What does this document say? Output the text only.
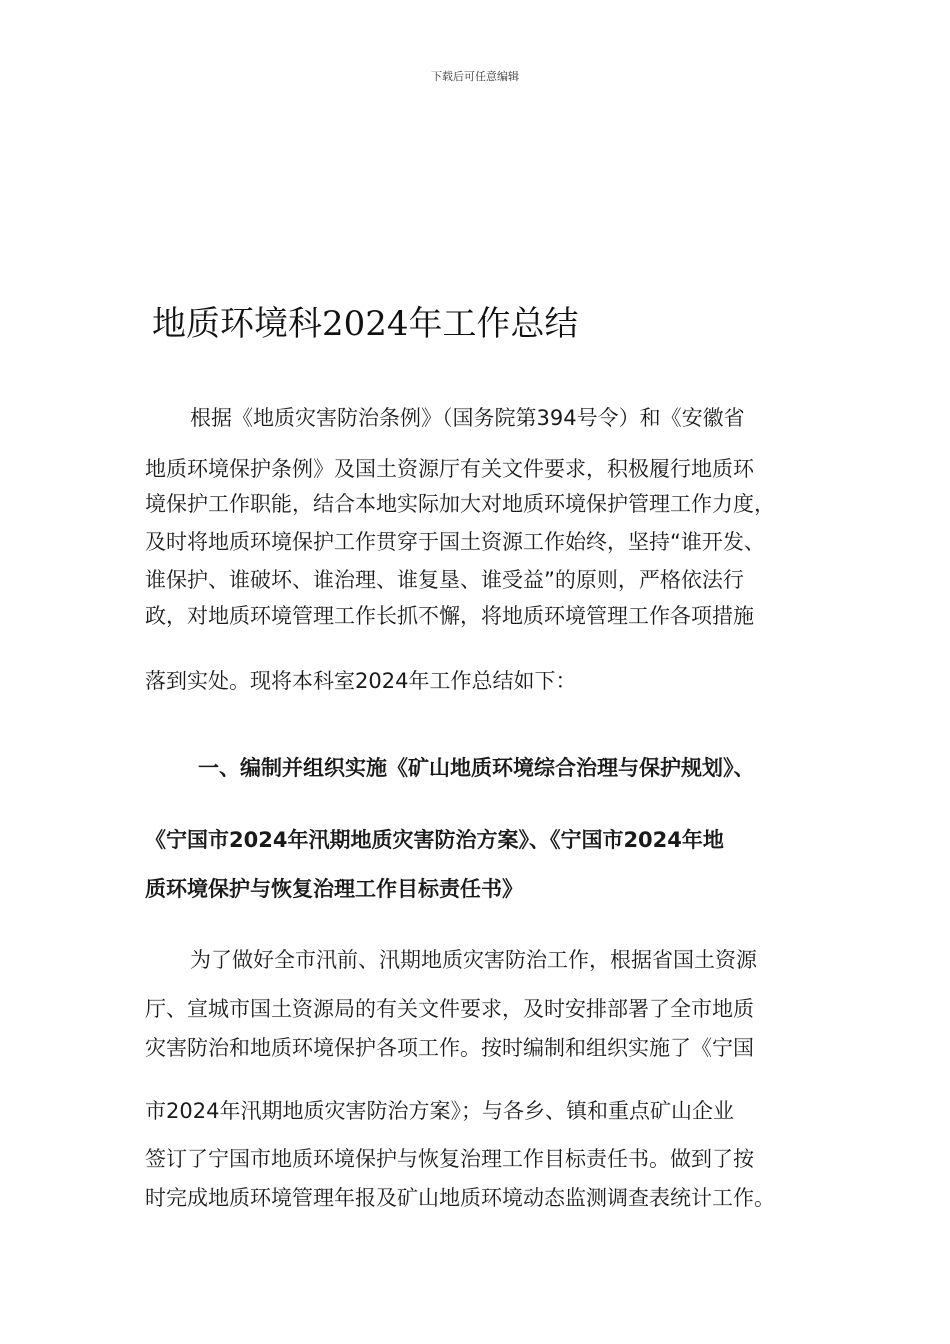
下载后可任意编辑
地质环境科2024年工作总结
根据《地质灾害防治条例》（国务院第394号令）和《安徽省
地质环境保护条例》及国土资源厅有关文件要求，积极履行地质环
境保护工作职能，结合本地实际加大对地质环境保护管理工作力度，
及时将地质环境保护工作贯穿于国土资源工作始终，坚持“谁开发、
谁保护、谁破坏、谁治理、谁复垦、谁受益”的原则，严格依法行
政，对地质环境管理工作长抓不懈，将地质环境管理工作各项措施
落到实处。现将本科室2024年工作总结如下：
一、编制并组织实施《矿山地质环境综合治理与保护规划》、
《宁国市2024年汛期地质灾害防治方案》、《宁国市2024年地
质环境保护与恢复治理工作目标责任书》
为了做好全市汛前、汛期地质灾害防治工作，根据省国土资源
厅、宣城市国土资源局的有关文件要求，及时安排部署了全市地质
灾害防治和地质环境保护各项工作。按时编制和组织实施了《宁国
市2024年汛期地质灾害防治方案》；与各乡、镇和重点矿山企业
签订了宁国市地质环境保护与恢复治理工作目标责任书。做到了按
时完成地质环境管理年报及矿山地质环境动态监测调查表统计工作。
